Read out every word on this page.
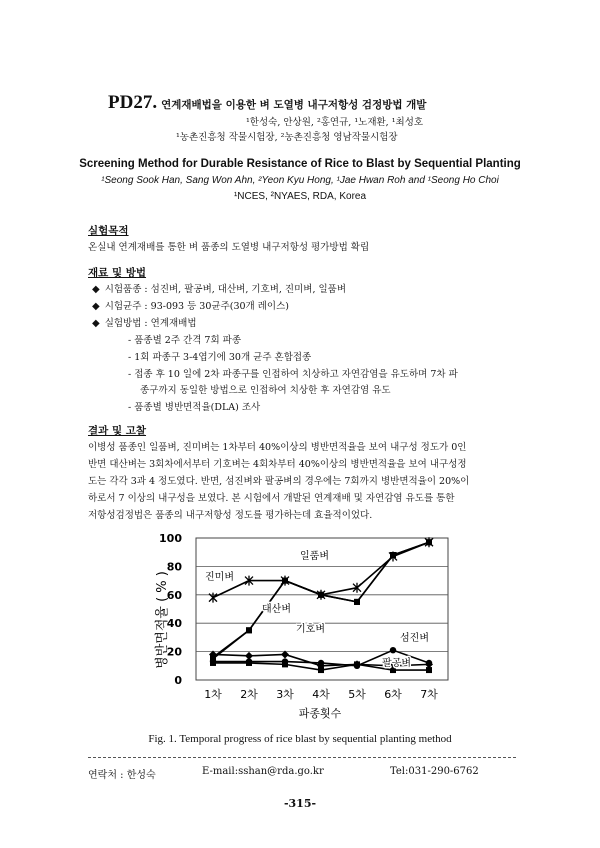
PD27. 연계재배법을 이용한 벼 도열병 내구저항성 검정방법 개발
¹한성숙, 안상원, ²홍연규, ¹노재환, ¹최성호
¹농촌진흥청 작물시험장, ²농촌진흥청 영남작물시험장
Screening Method for Durable Resistance of Rice to Blast by Sequential Planting
¹Seong Sook Han, Sang Won Ahn, ²Yeon Kyu Hong, ¹Jae Hwan Roh and ¹Seong Ho Choi
¹NCES, ²NYAES, RDA, Korea
실험목적
온실내 연계재배를 통한 벼 품종의 도열병 내구저항성 평가방법 확립
재료 및 방법
◆ 시험품종 : 섬진벼, 팔공벼, 대산벼, 기호벼, 진미벼, 일품벼
◆ 시험균주 : 93-093 등 30균주(30개 레이스)
◆ 실험방법 : 연계재배법
- 품종별 2주 간격 7회 파종
- 1회 파종구 3-4엽기에 30개 균주 혼합접종
- 접종 후 10 일에 2차 파종구를 인접하여 치상하고 자연감염을 유도하며 7차 파
종구까지 동일한 방법으로 인접하여 치상한 후 자연감염 유도
- 품종별 병반면적율(DLA) 조사
결과 및 고찰
이병성 품종인 일품벼, 진미벼는 1차부터 40%이상의 병반면적율을 보여 내구성 정도가 0인
반면 대산벼는 3회차에서부터 기호벼는 4회차부터 40%이상의 병반면적율을 보여 내구성정
도는 각각 3과 4 정도였다. 반면, 섬진벼와 팔공벼의 경우에는 7회까지 병반면적율이 20%이
하로서 7 이상의 내구성을 보였다. 본 시험에서 개발된 연계재배 및 자연감염 유도를 통한
저항성검정법은 품종의 내구저항성 정도를 평가하는데 효율적이었다.
0
20
40
60
80
100
1차 2차 3차 4차 5차 6차 7차
일품벼
진미벼
대산벼
기호벼
섬진벼
팔공벼
병반면적율 ( % )
파종횟수
Fig. 1. Temporal progress of rice blast by sequential planting method
연락처 : 한성숙	E-mail:sshan@rda.go.kr	Tel:031-290-6762
-315-
